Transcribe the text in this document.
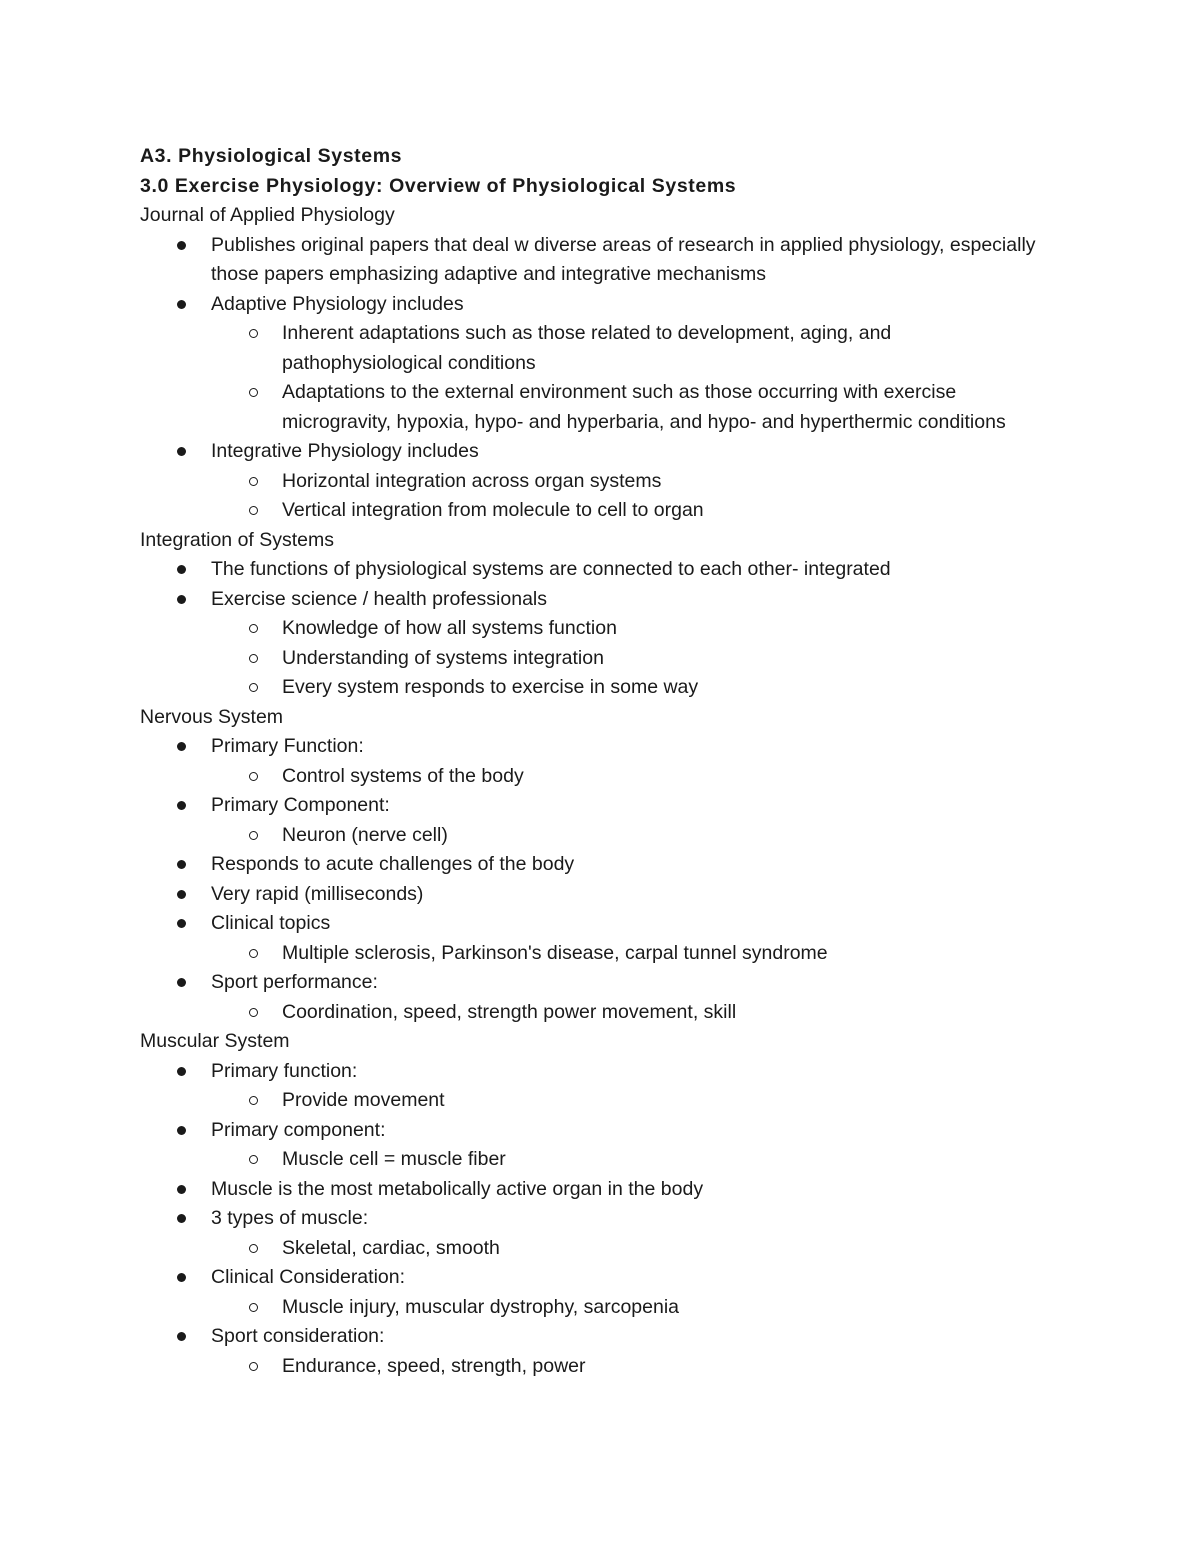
A3. Physiological Systems
3.0 Exercise Physiology: Overview of Physiological Systems
Journal of Applied Physiology
Publishes original papers that deal w diverse areas of research in applied physiology, especially those papers emphasizing adaptive and integrative mechanisms
Adaptive Physiology includes
Inherent adaptations such as those related to development, aging, and pathophysiological conditions
Adaptations to the external environment such as those occurring with exercise microgravity, hypoxia, hypo- and hyperbaria, and hypo- and hyperthermic conditions
Integrative Physiology includes
Horizontal integration across organ systems
Vertical integration from molecule to cell to organ
Integration of Systems
The functions of physiological systems are connected to each other- integrated
Exercise science / health professionals
Knowledge of how all systems function
Understanding of systems integration
Every system responds to exercise in some way
Nervous System
Primary Function:
Control systems of the body
Primary Component:
Neuron (nerve cell)
Responds to acute challenges of the body
Very rapid (milliseconds)
Clinical topics
Multiple sclerosis, Parkinson's disease, carpal tunnel syndrome
Sport performance:
Coordination, speed, strength power movement, skill
Muscular System
Primary function:
Provide movement
Primary component:
Muscle cell = muscle fiber
Muscle is the most metabolically active organ in the body
3 types of muscle:
Skeletal, cardiac, smooth
Clinical Consideration:
Muscle injury, muscular dystrophy, sarcopenia
Sport consideration:
Endurance, speed, strength, power
